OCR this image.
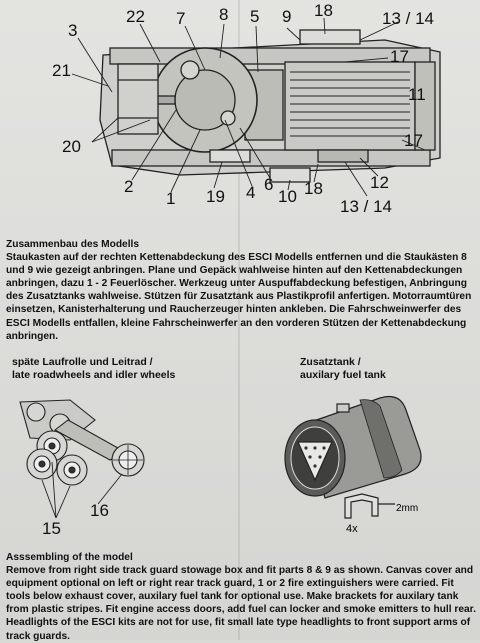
22 7 8 5 9 18	13 / 14
3
21
17
11
20	17
2
1 19 4 6
10 18	12
13 / 14

Zusammenbau des Modells

Staukasten auf der rechten Kettenabdeckung des ESCI Modells entfernen und die Staukästen 8 und 9 wie gezeigt anbringen. Plane und Gepäck wahlweise hinten auf den Kettenabdeckungen anbringen, dazu 1 - 2 Feuerlöscher. Werkzeug unter Auspuffabdeckung befestigen, Anbringung des Zusatztanks wahlweise. Stützen für Zusatztank aus Plastikprofil anfertigen. Motorraumtüren einsetzen, Kanisterhalterung und Raucherzeuger hinten ankleben. Die Fahrschweinwerfer des ESCI Modells entfallen, kleine Fahrscheinwerfer an den vorderen Stützen der Kettenabdeckung anbringen.

späte Laufrolle und Leitrad /
late roadwheels and idler wheels
Zusatztank /
auxilary fuel tank
15
16
4x
2mm

Asssembling of the model

Remove from right side track guard stowage box and fit parts 8 & 9 as shown. Canvas cover and equipment optional on left or right rear track guard, 1 or 2 fire extinguishers were carried. Fit tools below exhaust cover, auxilary fuel tank for optional use. Make brackets for auxilary tank from plastic stripes. Fit engine access doors, add fuel can locker and smoke emitters to hull rear. Headlights of the ESCI kits are not for use, fit small late type headlights to front support arms of track guards.
